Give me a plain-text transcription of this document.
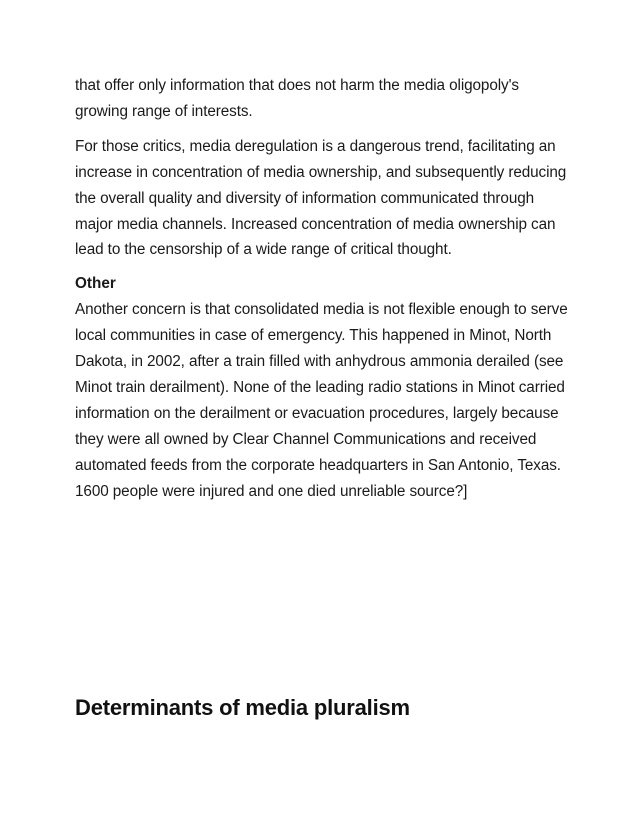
that offer only information that does not harm the media oligopoly's growing range of interests.

For those critics, media deregulation is a dangerous trend, facilitating an increase in concentration of media ownership, and subsequently reducing the overall quality and diversity of information communicated through major media channels. Increased concentration of media ownership can lead to the censorship of a wide range of critical thought.

Other

Another concern is that consolidated media is not flexible enough to serve local communities in case of emergency. This happened in Minot, North Dakota, in 2002, after a train filled with anhydrous ammonia derailed (see Minot train derailment). None of the leading radio stations in Minot carried information on the derailment or evacuation procedures, largely because they were all owned by Clear Channel Communications and received automated feeds from the corporate headquarters in San Antonio, Texas. 1600 people were injured and one died unreliable source?]

Determinants of media pluralism
